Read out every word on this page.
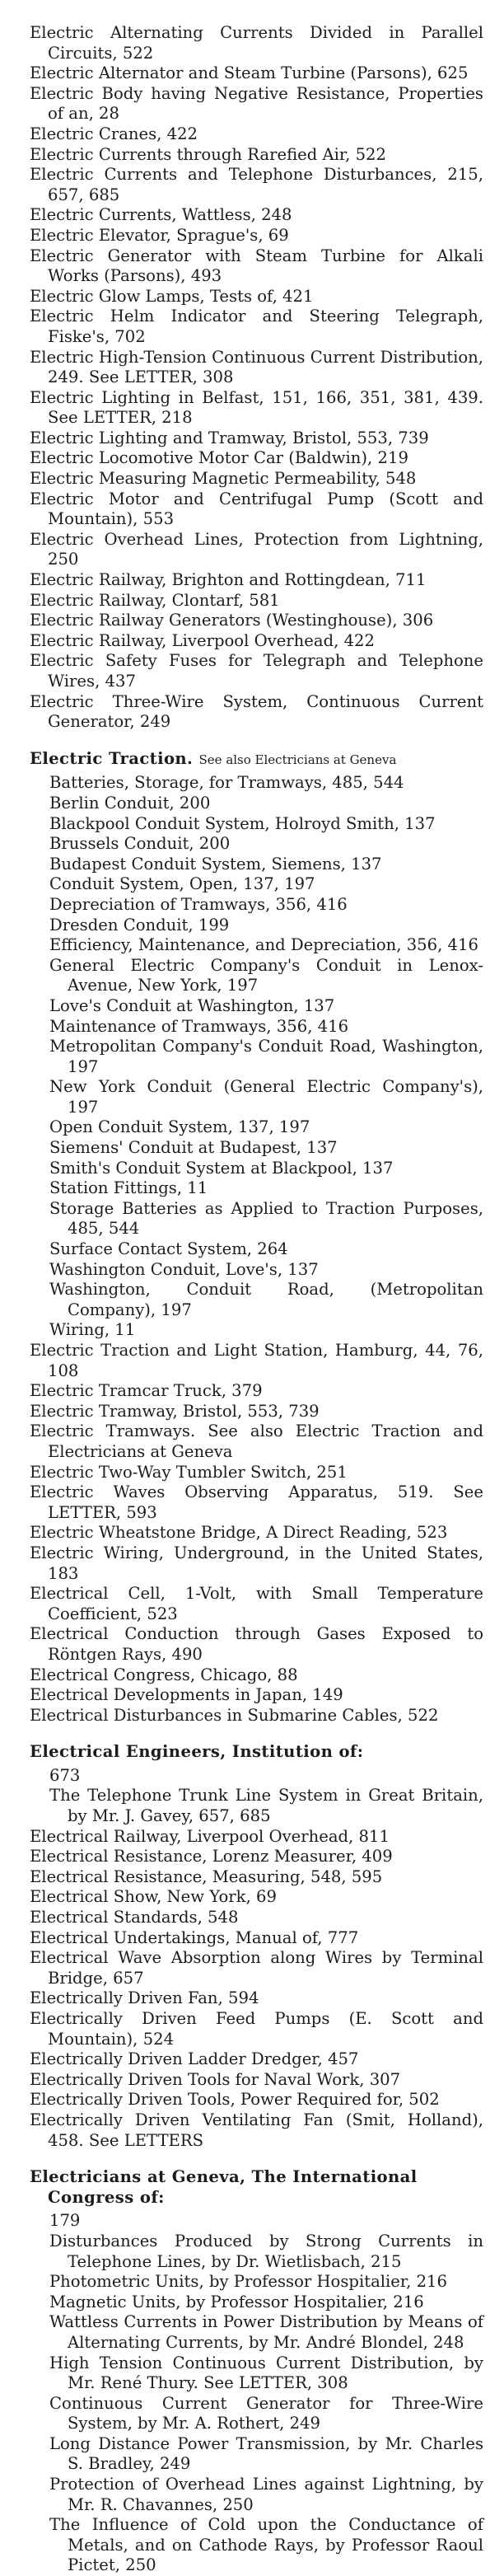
Electric Alternating Currents Divided in Parallel Circuits, 522
Electric Alternator and Steam Turbine (Parsons), 625
Electric Body having Negative Resistance, Properties of an, 28
Electric Cranes, 422
Electric Currents through Rarefied Air, 522
Electric Currents and Telephone Disturbances, 215, 657, 685
Electric Currents, Wattless, 248
Electric Elevator, Sprague's, 69
Electric Generator with Steam Turbine for Alkali Works (Parsons), 493
Electric Glow Lamps, Tests of, 421
Electric Helm Indicator and Steering Telegraph, Fiske's, 702
Electric High-Tension Continuous Current Distribution, 249. See LETTER, 308
Electric Lighting in Belfast, 151, 166, 351, 381, 439. See LETTER, 218
Electric Lighting and Tramway, Bristol, 553, 739
Electric Locomotive Motor Car (Baldwin), 219
Electric Measuring Magnetic Permeability, 548
Electric Motor and Centrifugal Pump (Scott and Mountain), 553
Electric Overhead Lines, Protection from Lightning, 250
Electric Railway, Brighton and Rottingdean, 711
Electric Railway, Clontarf, 581
Electric Railway Generators (Westinghouse), 306
Electric Railway, Liverpool Overhead, 422
Electric Safety Fuses for Telegraph and Telephone Wires, 437
Electric Three-Wire System, Continuous Current Generator, 249
Electric Traction. See also Electricians at Geneva
Batteries, Storage, for Tramways, 485, 544
Berlin Conduit, 200
Blackpool Conduit System, Holroyd Smith, 137
Brussels Conduit, 200
Budapest Conduit System, Siemens, 137
Conduit System, Open, 137, 197
Depreciation of Tramways, 356, 416
Dresden Conduit, 199
Efficiency, Maintenance, and Depreciation, 356, 416
General Electric Company's Conduit in Lenox-Avenue, New York, 197
Love's Conduit at Washington, 137
Maintenance of Tramways, 356, 416
Metropolitan Company's Conduit Road, Washington, 197
New York Conduit (General Electric Company's), 197
Open Conduit System, 137, 197
Siemens' Conduit at Budapest, 137
Smith's Conduit System at Blackpool, 137
Station Fittings, 11
Storage Batteries as Applied to Traction Purposes, 485, 544
Surface Contact System, 264
Washington Conduit, Love's, 137
Washington, Conduit Road, (Metropolitan Company), 197
Wiring, 11
Electric Traction and Light Station, Hamburg, 44, 76, 108
Electric Tramcar Truck, 379
Electric Tramway, Bristol, 553, 739
Electric Tramways. See also Electric Traction and Electricians at Geneva
Electric Two-Way Tumbler Switch, 251
Electric Waves Observing Apparatus, 519. See LETTER, 593
Electric Wheatstone Bridge, A Direct Reading, 523
Electric Wiring, Underground, in the United States, 183
Electrical Cell, 1-Volt, with Small Temperature Coefficient, 523
Electrical Conduction through Gases Exposed to Röntgen Rays, 490
Electrical Congress, Chicago, 88
Electrical Developments in Japan, 149
Electrical Disturbances in Submarine Cables, 522
Electrical Engineers, Institution of:
673
The Telephone Trunk Line System in Great Britain, by Mr. J. Gavey, 657, 685
Electrical Railway, Liverpool Overhead, 811
Electrical Resistance, Lorenz Measurer, 409
Electrical Resistance, Measuring, 548, 595
Electrical Show, New York, 69
Electrical Standards, 548
Electrical Undertakings, Manual of, 777
Electrical Wave Absorption along Wires by Terminal Bridge, 657
Electrically Driven Fan, 594
Electrically Driven Feed Pumps (E. Scott and Mountain), 524
Electrically Driven Ladder Dredger, 457
Electrically Driven Tools for Naval Work, 307
Electrically Driven Tools, Power Required for, 502
Electrically Driven Ventilating Fan (Smit, Holland), 458. See LETTERS
Electricians at Geneva, The International Congress of:
179
Disturbances Produced by Strong Currents in Telephone Lines, by Dr. Wietlisbach, 215
Photometric Units, by Professor Hospitalier, 216
Magnetic Units, by Professor Hospitalier, 216
Wattless Currents in Power Distribution by Means of Alternating Currents, by Mr. André Blondel, 248
High Tension Continuous Current Distribution, by Mr. René Thury. See LETTER, 308
Continuous Current Generator for Three-Wire System, by Mr. A. Rothert, 249
Long Distance Power Transmission, by Mr. Charles S. Bradley, 249
Protection of Overhead Lines against Lightning, by Mr. R. Chavannes, 250
The Influence of Cold upon the Conductance of Metals, and on Cathode Rays, by Professor Raoul Pictet, 250
